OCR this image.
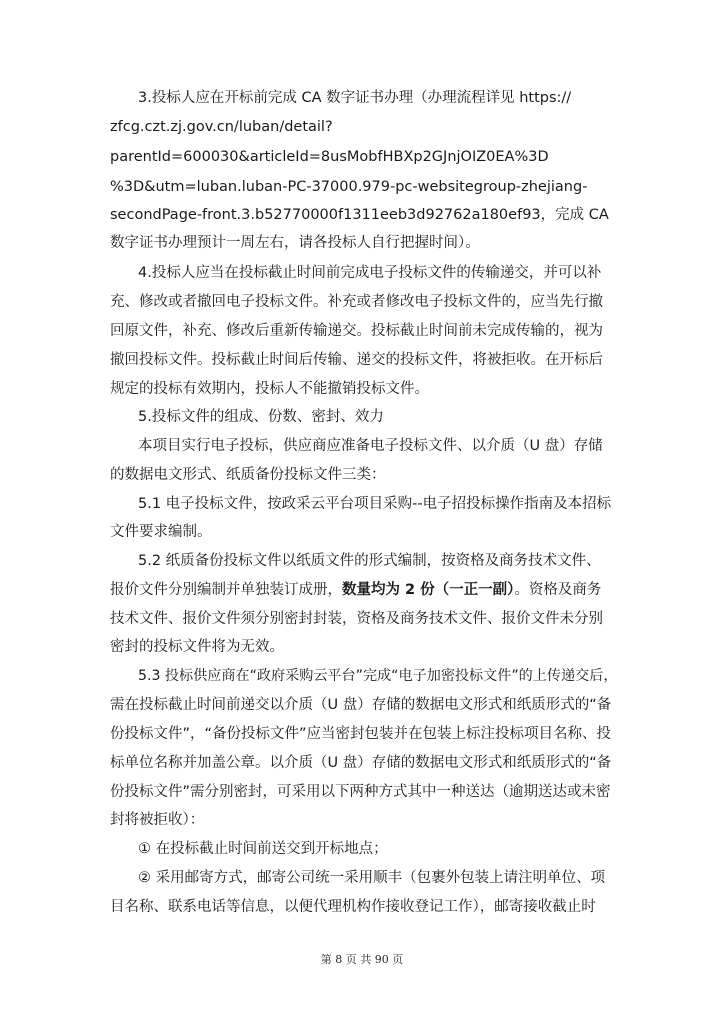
3.投标人应在开标前完成 CA 数字证书办理（办理流程详见 https://

zfcg.czt.zj.gov.cn/luban/detail?

parentId=600030&articleId=8usMobfHBXp2GJnjOIZ0EA%3D

%3D&utm=luban.luban-PC-37000.979-pc-websitegroup-zhejiang-

secondPage-front.3.b52770000f1311eeb3d92762a180ef93，完成 CA

数字证书办理预计一周左右，请各投标人自行把握时间）。

4.投标人应当在投标截止时间前完成电子投标文件的传输递交，并可以补

充、修改或者撤回电子投标文件。补充或者修改电子投标文件的，应当先行撤

回原文件，补充、修改后重新传输递交。投标截止时间前未完成传输的，视为

撤回投标文件。投标截止时间后传输、递交的投标文件，将被拒收。在开标后

规定的投标有效期内，投标人不能撤销投标文件。

5.投标文件的组成、份数、密封、效力

本项目实行电子投标，供应商应准备电子投标文件、以介质（U 盘）存储

的数据电文形式、纸质备份投标文件三类：

5.1 电子投标文件，按政采云平台项目采购--电子招投标操作指南及本招标

文件要求编制。

5.2 纸质备份投标文件以纸质文件的形式编制，按资格及商务技术文件、

报价文件分别编制并单独装订成册，数量均为 2 份（一正一副）。资格及商务

技术文件、报价文件须分别密封封装，资格及商务技术文件、报价文件未分别

密封的投标文件将为无效。

5.3 投标供应商在“政府采购云平台”完成“电子加密投标文件”的上传递交后，

需在投标截止时间前递交以介质（U 盘）存储的数据电文形式和纸质形式的“备

份投标文件”，“备份投标文件”应当密封包装并在包装上标注投标项目名称、投

标单位名称并加盖公章。以介质（U 盘）存储的数据电文形式和纸质形式的“备

份投标文件”需分别密封，可采用以下两种方式其中一种送达（逾期送达或未密

封将被拒收）：

① 在投标截止时间前送交到开标地点；

② 采用邮寄方式，邮寄公司统一采用顺丰（包裹外包装上请注明单位、项

目名称、联系电话等信息，以便代理机构作接收登记工作），邮寄接收截止时

第 8 页 共 90 页
